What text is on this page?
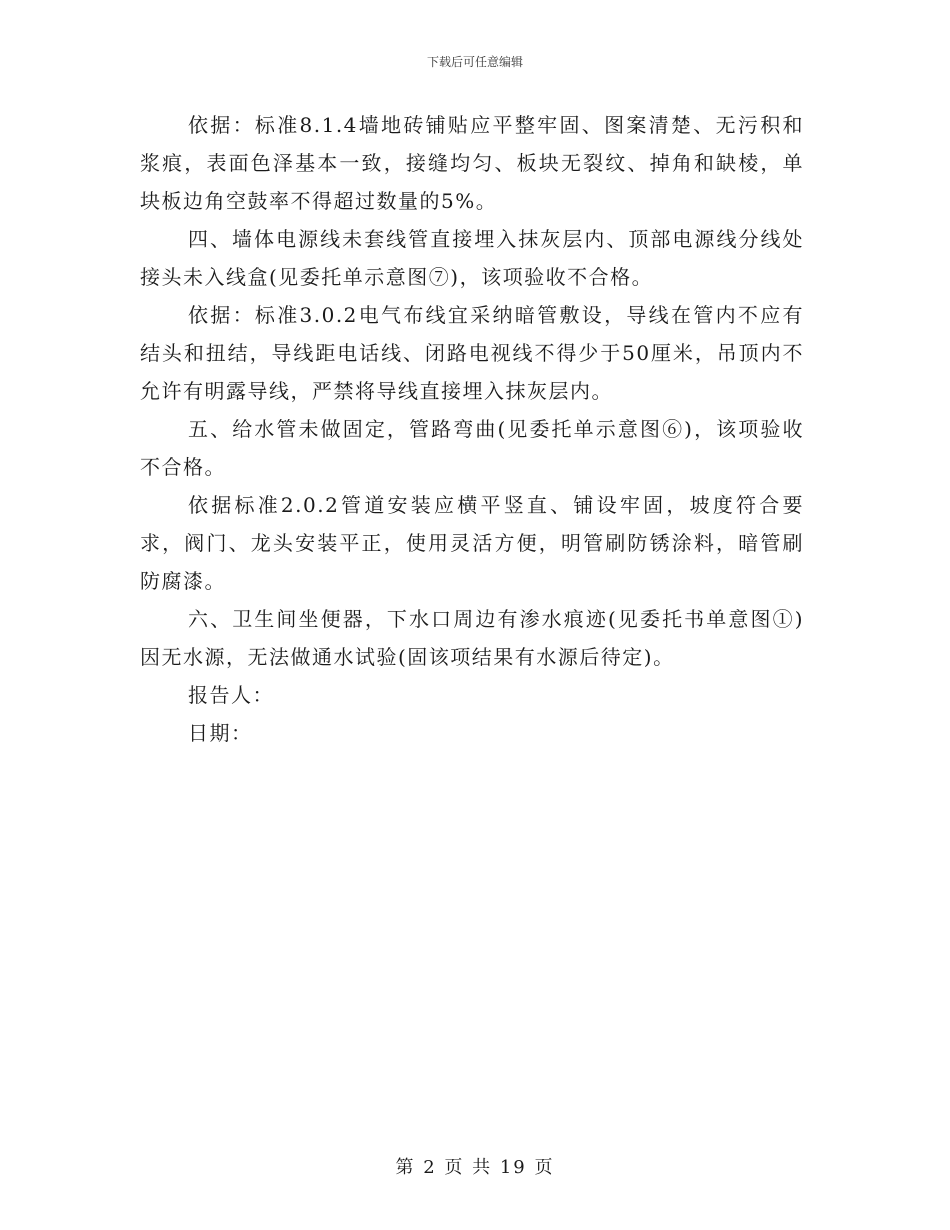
下载后可任意编辑

依据：标准8.1.4墙地砖铺贴应平整牢固、图案清楚、无污积和浆痕，表面色泽基本一致，接缝均匀、板块无裂纹、掉角和缺棱，单块板边角空鼓率不得超过数量的5%。

四、墙体电源线未套线管直接埋入抹灰层内、顶部电源线分线处接头未入线盒(见委托单示意图⑦)，该项验收不合格。

依据：标准3.0.2电气布线宜采纳暗管敷设，导线在管内不应有结头和扭结，导线距电话线、闭路电视线不得少于50厘米，吊顶内不允许有明露导线，严禁将导线直接埋入抹灰层内。

五、给水管未做固定，管路弯曲(见委托单示意图⑥)，该项验收不合格。

依据标准2.0.2管道安装应横平竖直、铺设牢固，坡度符合要求，阀门、龙头安装平正，使用灵活方便，明管刷防锈涂料，暗管刷防腐漆。

六、卫生间坐便器，下水口周边有渗水痕迹(见委托书单意图①)因无水源，无法做通水试验(固该项结果有水源后待定)。

报告人：

日期：

第 2 页 共 19 页
